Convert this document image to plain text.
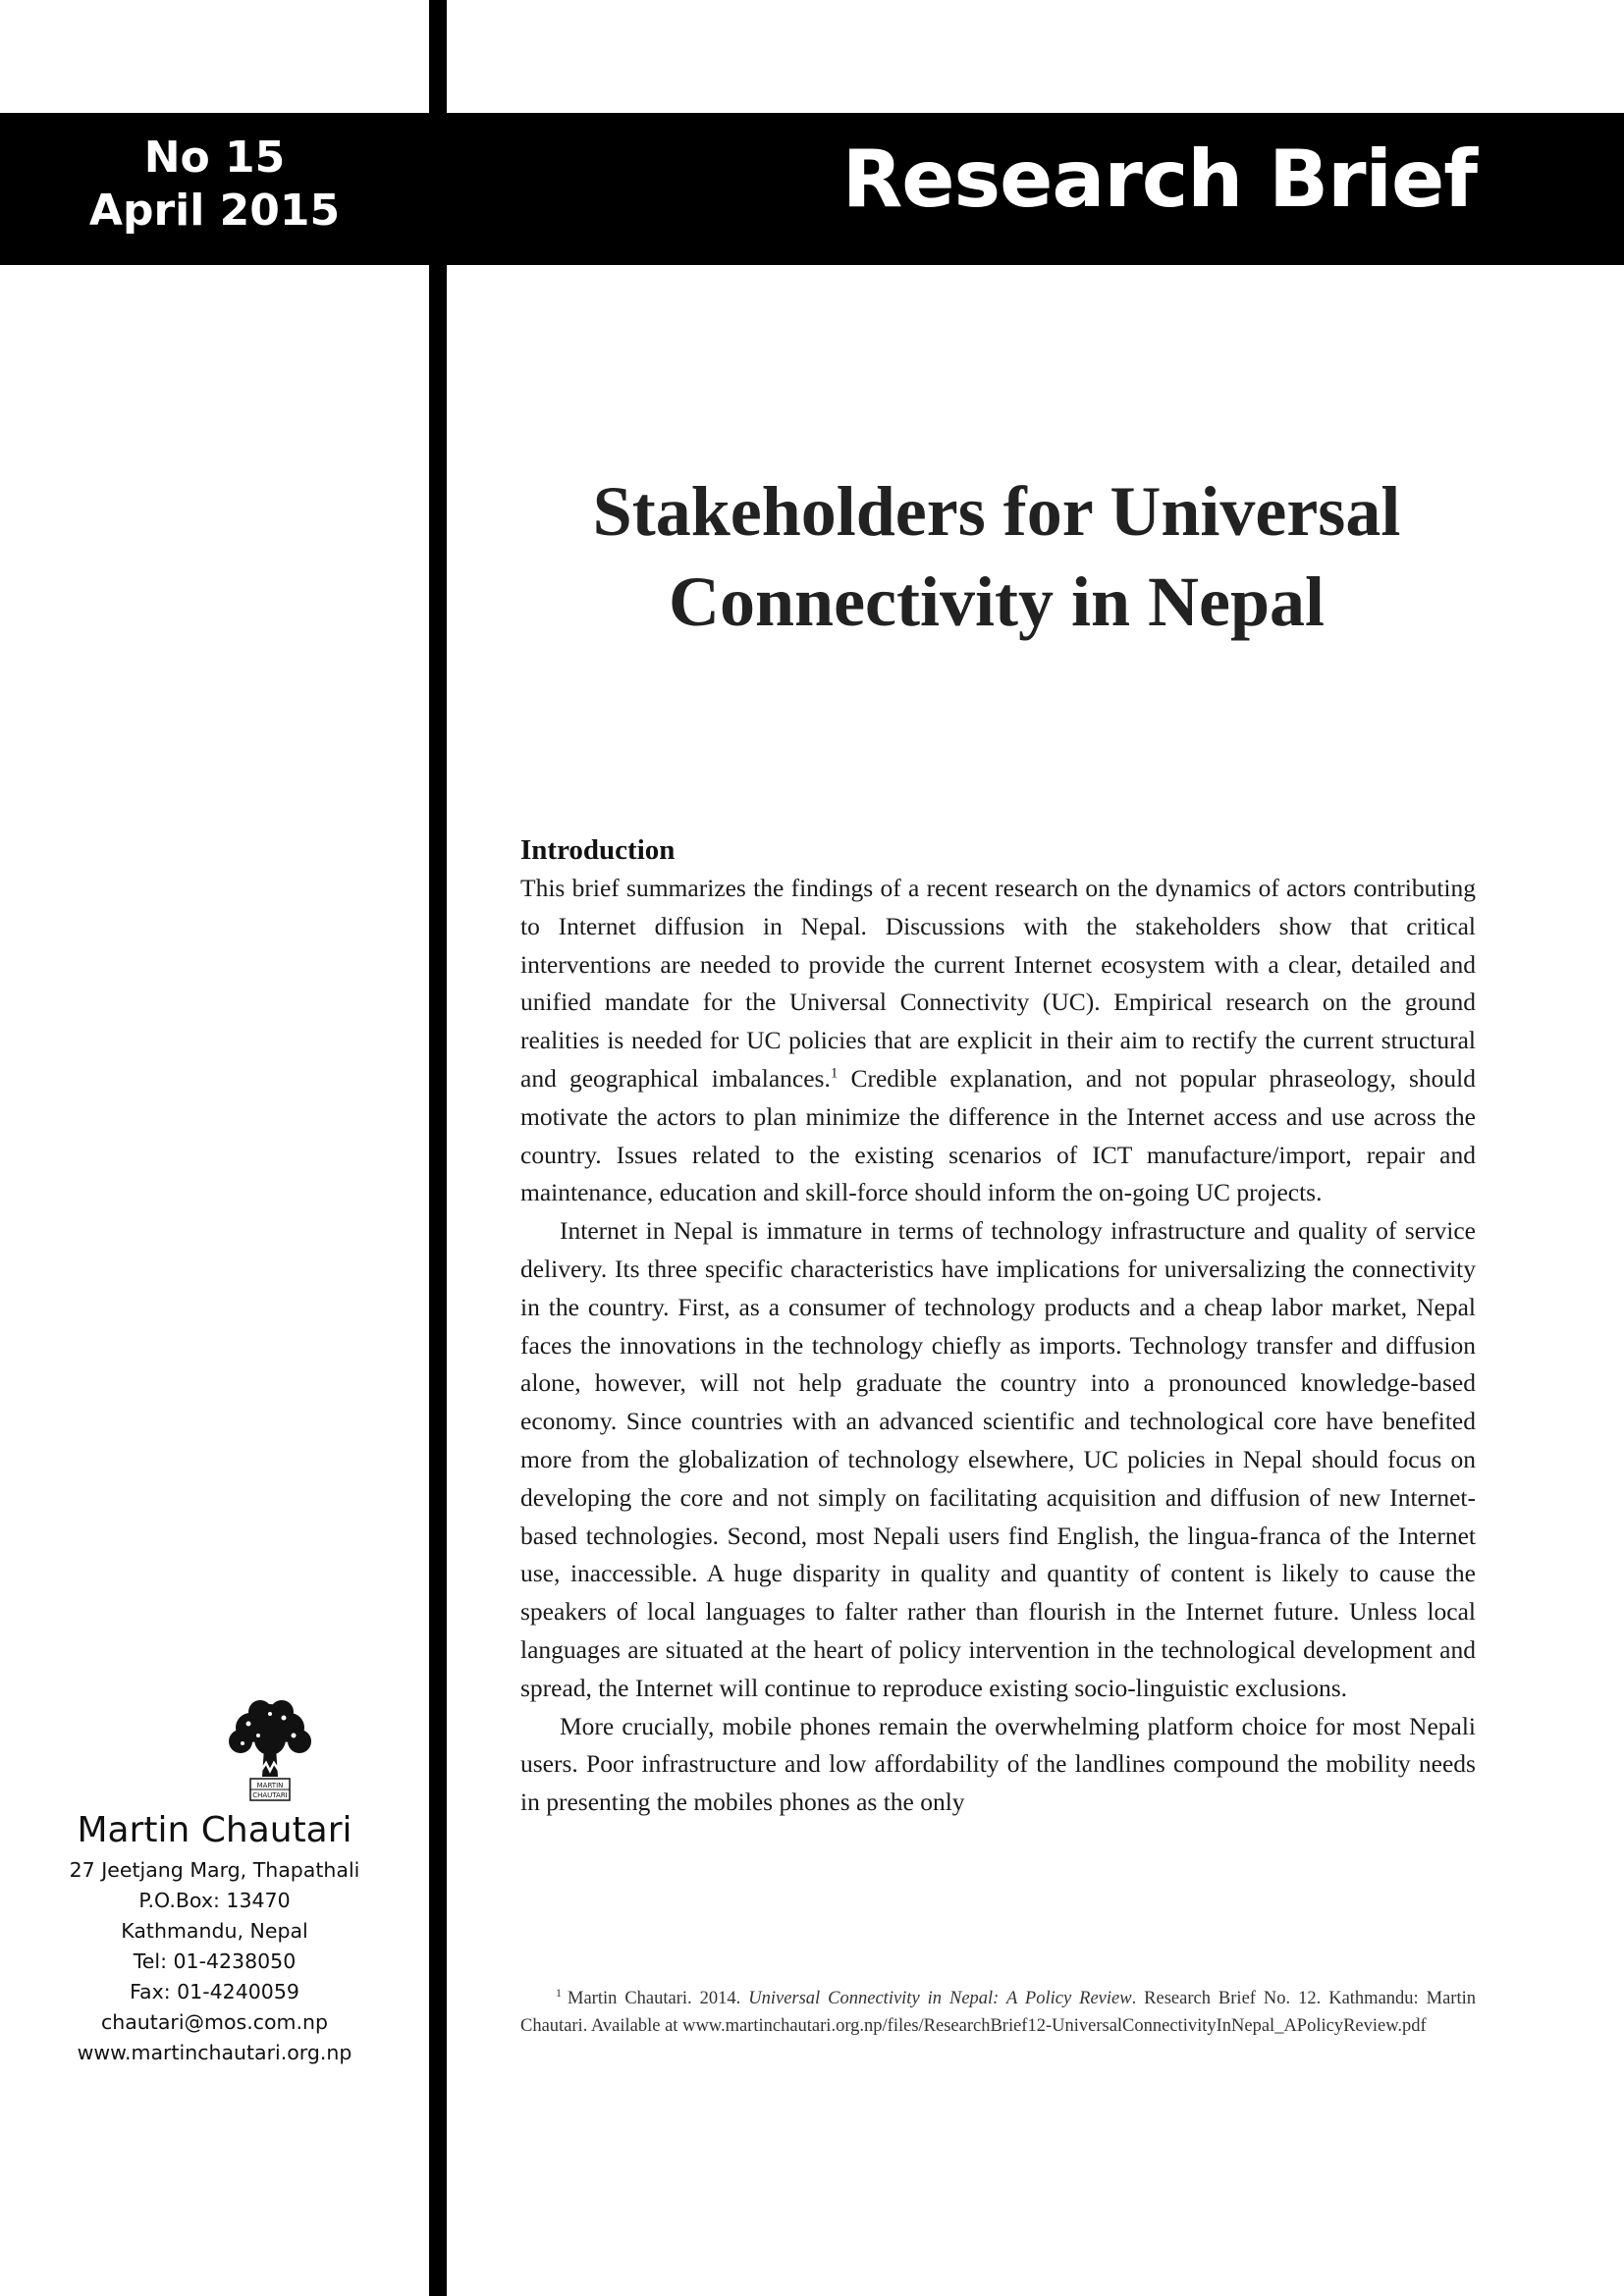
No 15
April 2015	Research Brief
Stakeholders for Universal
Connectivity in Nepal
Introduction

This brief summarizes the findings of a recent research on the dynamics of actors contributing to Internet diffusion in Nepal. Discussions with the stakeholders show that critical interventions are needed to provide the current Internet ecosystem with a clear, detailed and unified mandate for the Universal Connectivity (UC). Empirical research on the ground realities is needed for UC policies that are explicit in their aim to rectify the current structural and geographical imbalances.$^1$ Credible explanation, and not popular phraseology, should motivate the actors to plan minimize the difference in the Internet access and use across the country. Issues related to the existing scenarios of ICT manufacture/import, repair and maintenance, education and skill-force should inform the on-going UC projects.

Internet in Nepal is immature in terms of technology infrastructure and quality of service delivery. Its three specific characteristics have implications for universalizing the connectivity in the country. First, as a consumer of technology products and a cheap labor market, Nepal faces the innovations in the technology chiefly as imports. Technology transfer and diffusion alone, however, will not help graduate the country into a pronounced knowledge-based economy. Since countries with an advanced scientific and technological core have benefited more from the globalization of technology elsewhere, UC policies in Nepal should focus on developing the core and not simply on facilitating acquisition and diffusion of new Internet-based technologies. Second, most Nepali users find English, the lingua-franca of the Internet use, inaccessible. A huge disparity in quality and quantity of content is likely to cause the speakers of local languages to falter rather than flourish in the Internet future. Unless local languages are situated at the heart of policy intervention in the technological development and spread, the Internet will continue to reproduce existing socio-linguistic exclusions.

More crucially, mobile phones remain the overwhelming platform choice for most Nepali users. Poor infrastructure and low affordability of the landlines compound the mobility needs in presenting the mobiles phones as the only

$^1$ Martin Chautari. 2014. Universal Connectivity in Nepal: A Policy Review. Research Brief No. 12. Kathmandu: Martin Chautari. Available at www.martinchautari.org.np/files/ResearchBrief12-UniversalConnectivityInNepal_APolicyReview.pdf
MARTIN
CHAUTARI
Martin Chautari
27 Jeetjang Marg, Thapathali
P.O.Box: 13470
Kathmandu, Nepal
Tel: 01-4238050
Fax: 01-4240059
chautari@mos.com.np
www.martinchautari.org.np
